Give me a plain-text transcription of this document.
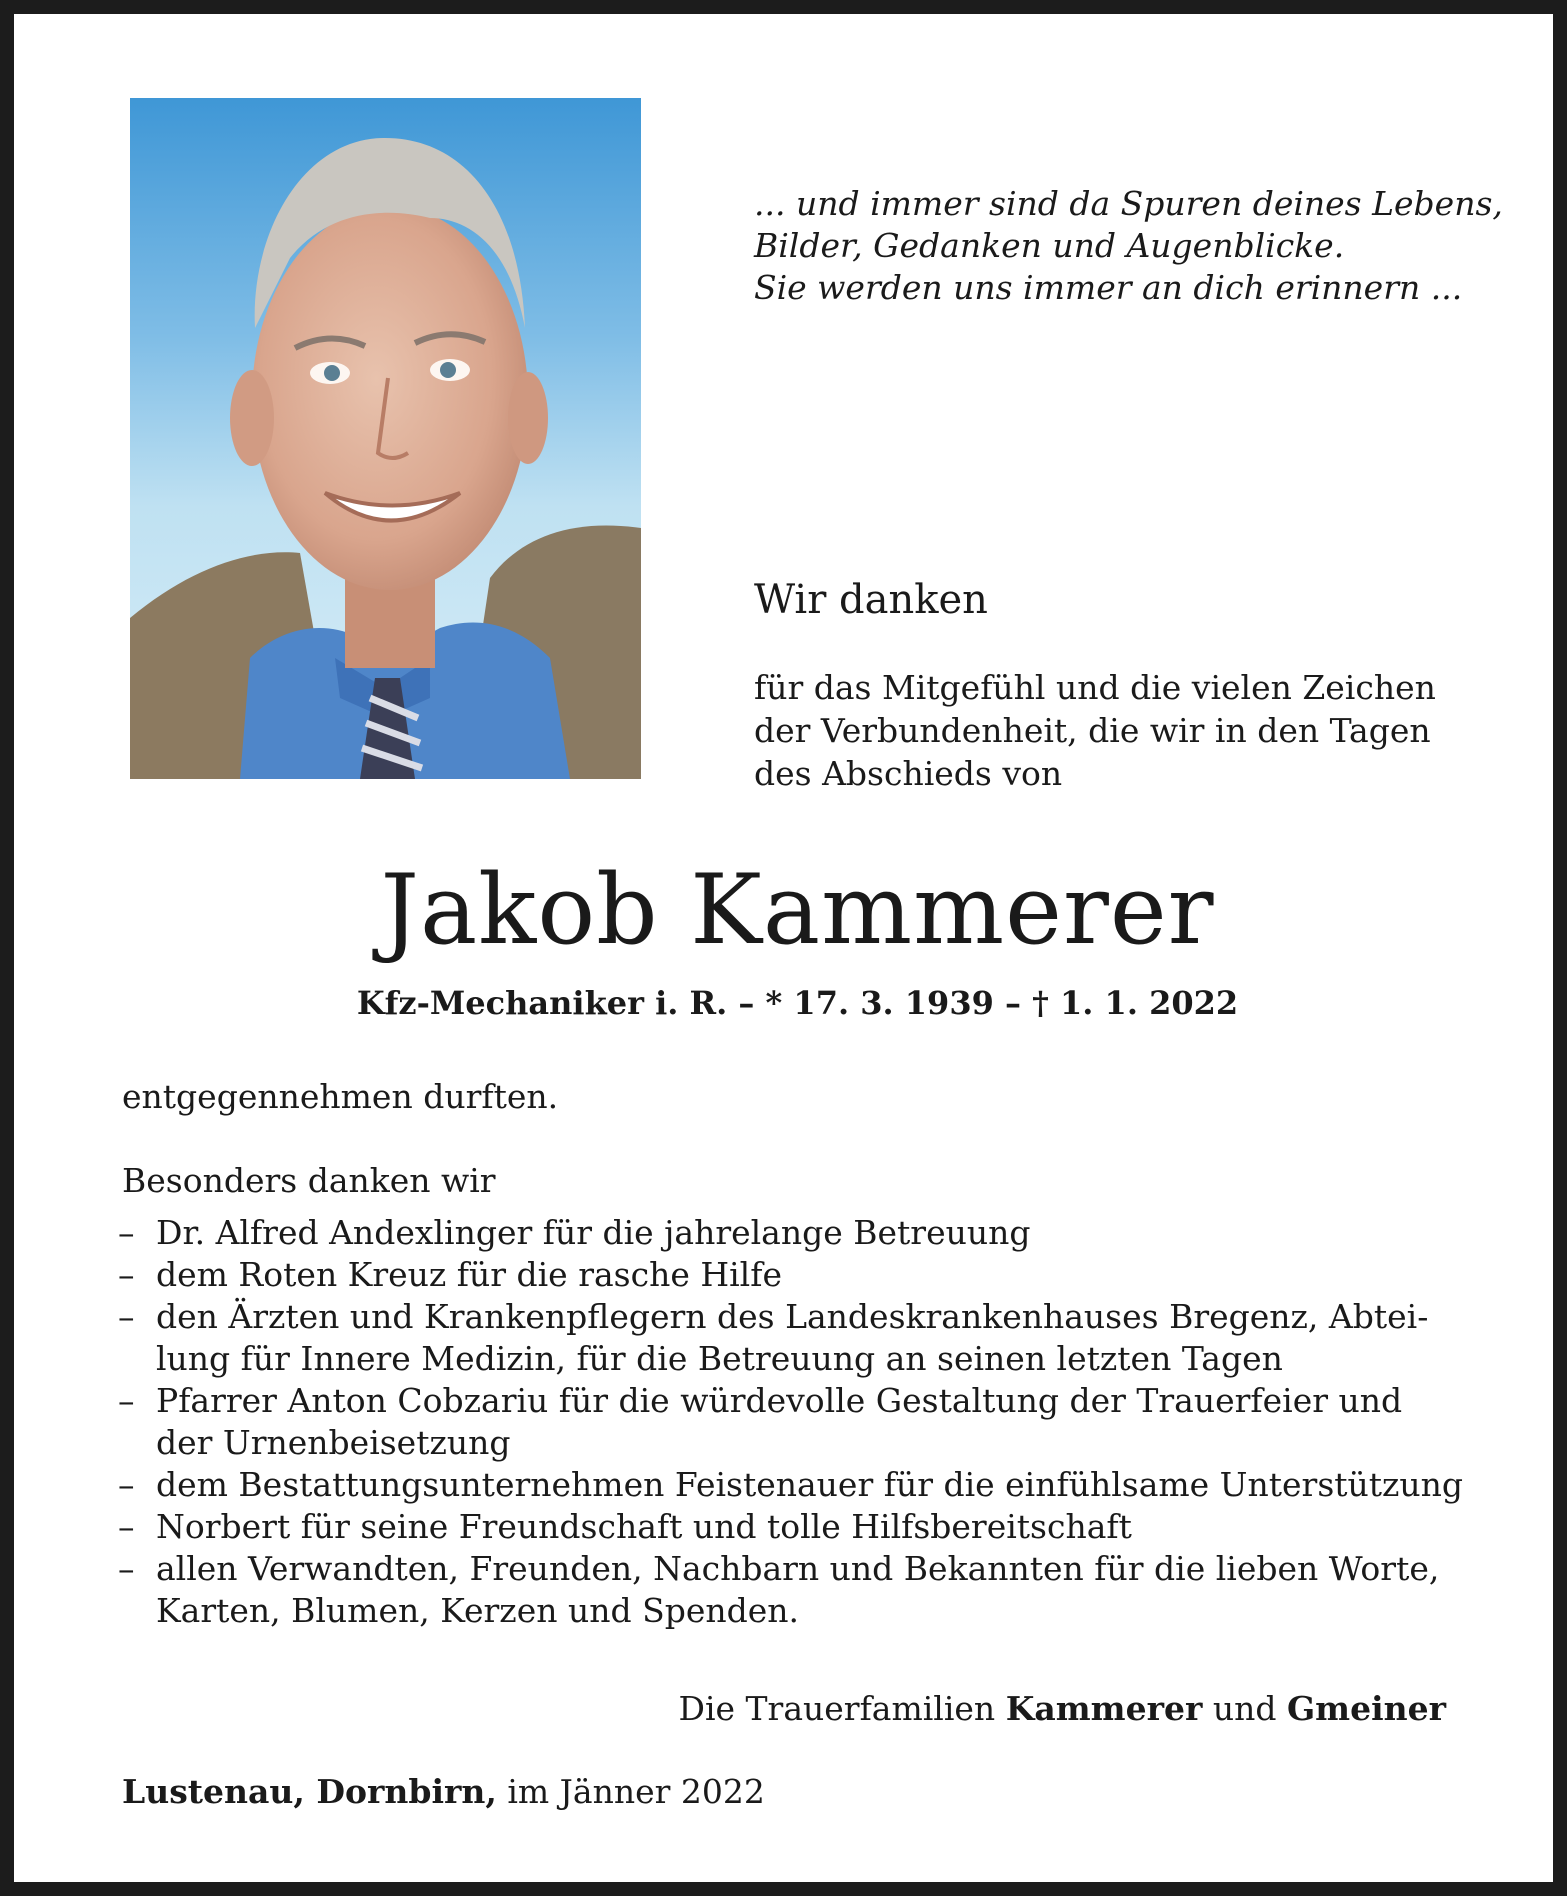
... und immer sind da Spuren deines Lebens,
Bilder, Gedanken und Augenblicke.
Sie werden uns immer an dich erinnern ...
Wir danken
für das Mitgefühl und die vielen Zeichen
der Verbundenheit, die wir in den Tagen
des Abschieds von
Jakob Kammerer
Kfz-Mechaniker i. R. – * 17. 3. 1939 – † 1. 1. 2022
entgegennehmen durften.
Besonders danken wir
– Dr. Alfred Andexlinger für die jahrelange Betreuung
– dem Roten Kreuz für die rasche Hilfe
– den Ärzten und Krankenpflegern des Landeskrankenhauses Bregenz, Abtei-
lung für Innere Medizin, für die Betreuung an seinen letzten Tagen
– Pfarrer Anton Cobzariu für die würdevolle Gestaltung der Trauerfeier und
der Urnenbeisetzung
– dem Bestattungsunternehmen Feistenauer für die einfühlsame Unterstützung
– Norbert für seine Freundschaft und tolle Hilfsbereitschaft
– allen Verwandten, Freunden, Nachbarn und Bekannten für die lieben Worte,
Karten, Blumen, Kerzen und Spenden.
Die Trauerfamilien Kammerer und Gmeiner
Lustenau, Dornbirn, im Jänner 2022
